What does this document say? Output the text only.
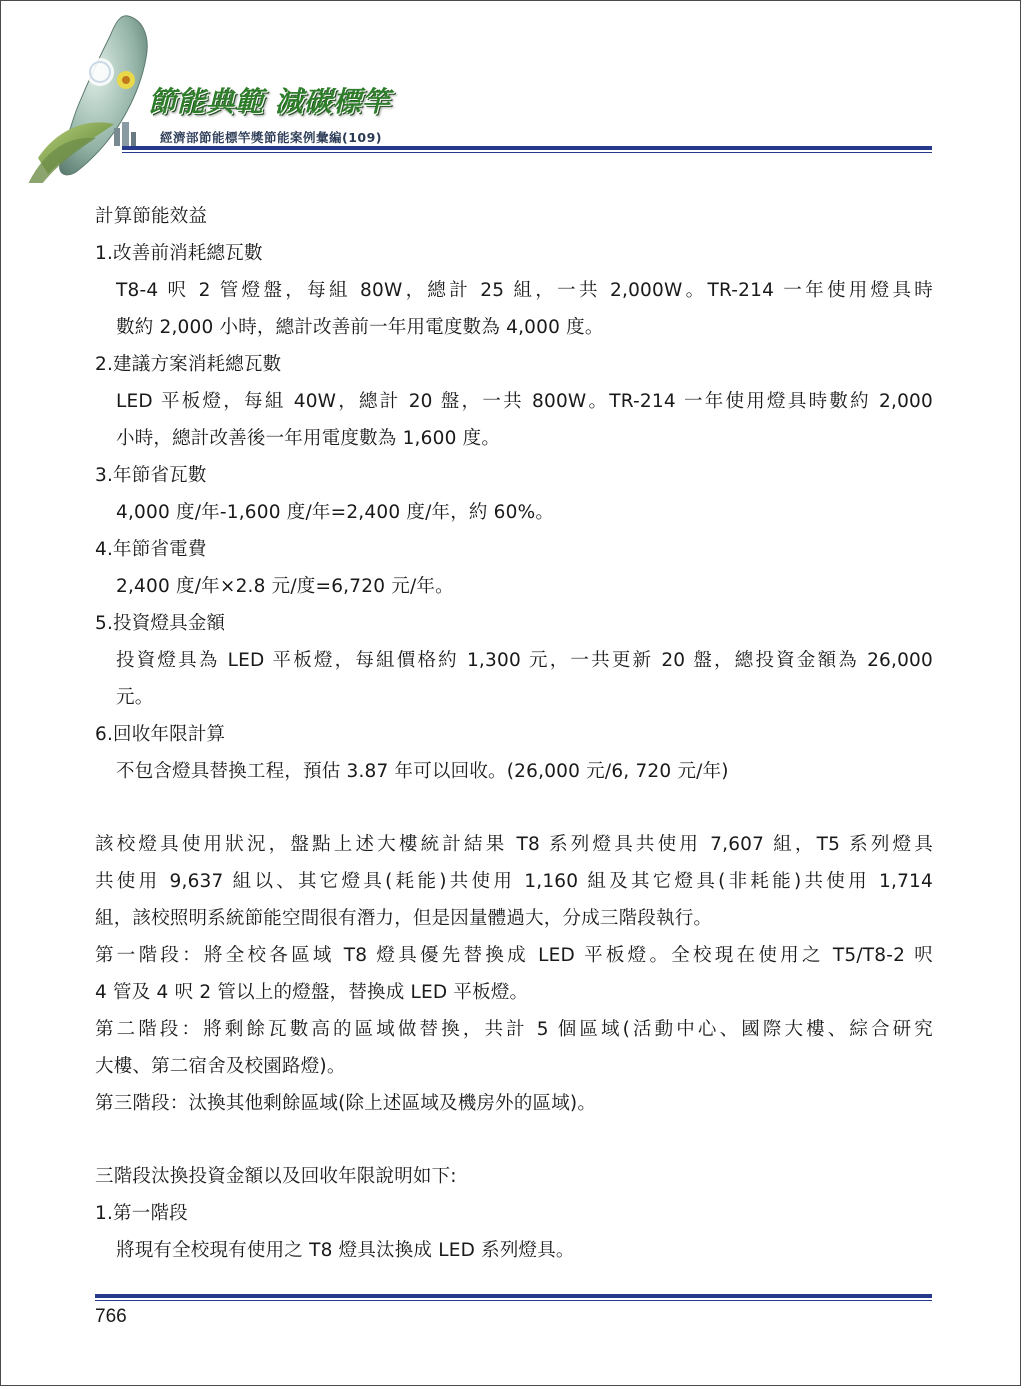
節能典範 減碳標竿
經濟部節能標竿獎節能案例彙編(109)
計算節能效益
1.改善前消耗總瓦數
T8-4 呎 2 管燈盤，每組 80W，總計 25 組，一共 2,000W。TR-214 一年使用燈具時
數約 2,000 小時，總計改善前一年用電度數為 4,000 度。
2.建議方案消耗總瓦數
LED 平板燈，每組 40W，總計 20 盤，一共 800W。TR-214 一年使用燈具時數約 2,000
小時，總計改善後一年用電度數為 1,600 度。
3.年節省瓦數
4,000 度/年-1,600 度/年=2,400 度/年，約 60%。
4.年節省電費
2,400 度/年×2.8 元/度=6,720 元/年。
5.投資燈具金額
投資燈具為 LED 平板燈，每組價格約 1,300 元，一共更新 20 盤，總投資金額為 26,000
元。
6.回收年限計算
不包含燈具替換工程，預估 3.87 年可以回收。(26,000 元/6, 720 元/年)
該校燈具使用狀況，盤點上述大樓統計結果 T8 系列燈具共使用 7,607 組，T5 系列燈具
共使用 9,637 組以、其它燈具(耗能)共使用 1,160 組及其它燈具(非耗能)共使用 1,714
組，該校照明系統節能空間很有潛力，但是因量體過大，分成三階段執行。
第一階段：將全校各區域 T8 燈具優先替換成 LED 平板燈。全校現在使用之 T5/T8-2 呎
4 管及 4 呎 2 管以上的燈盤，替換成 LED 平板燈。
第二階段：將剩餘瓦數高的區域做替換，共計 5 個區域(活動中心、國際大樓、綜合研究
大樓、第二宿舍及校園路燈)。
第三階段：汰換其他剩餘區域(除上述區域及機房外的區域)。
三階段汰換投資金額以及回收年限說明如下:
1.第一階段
將現有全校現有使用之 T8 燈具汰換成 LED 系列燈具。
766
